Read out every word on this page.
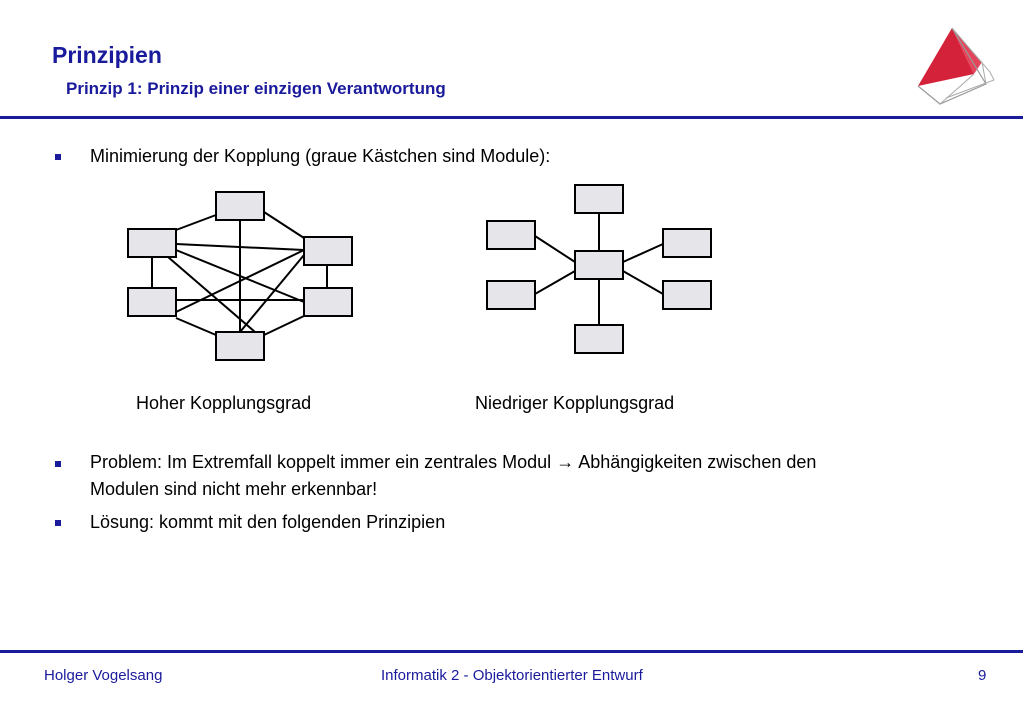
Prinzipien
Prinzip 1: Prinzip einer einzigen Verantwortung
Minimierung der Kopplung (graue Kästchen sind Module):
Hoher Kopplungsgrad	Niedriger Kopplungsgrad
Problem: Im Extremfall koppelt immer ein zentrales Modul → Abhängigkeiten zwischen den
Modulen sind nicht mehr erkennbar!
Lösung: kommt mit den folgenden Prinzipien
Holger Vogelsang	Informatik 2 - Objektorientierter Entwurf	9
